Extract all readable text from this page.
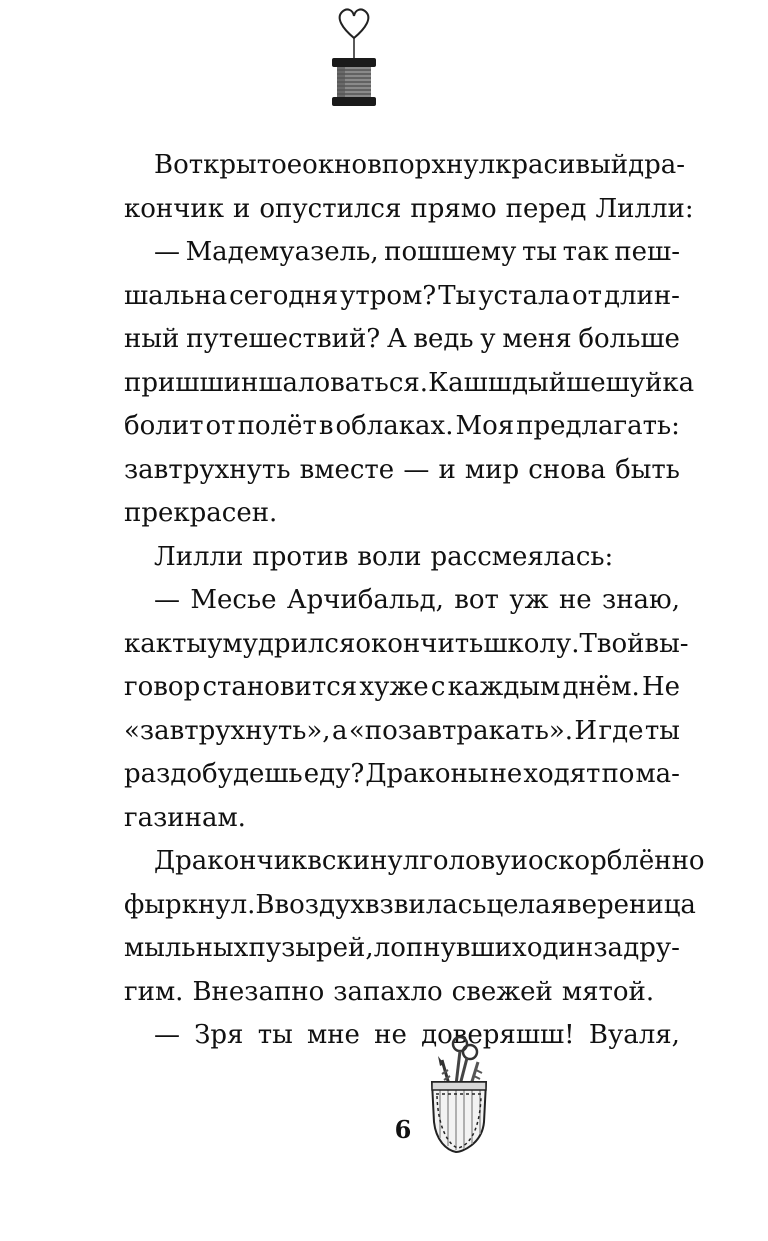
В открытое окно впорхнул красивый дра-
кончик и опустился прямо перед Лилли:
— Мадемуазель, пошшему ты так пеш-
шальна сегодня утром? Ты устала от длин-
ный путешествий? А ведь у меня больше
пришшин шаловаться. Кашшдый шешуйка
болит от полёт в облаках. Моя предлагать:
завтрухнуть вместе — и мир снова быть
прекрасен.
Лилли против воли рассмеялась:
— Месье Арчибальд, вот уж не знаю,
как ты умудрился окончить школу. Твой вы-
говор становится хуже с каждым днём. Не
«завтрухнуть», а «позавтракать». И где ты
раздобудешь еду? Драконы не ходят по ма-
газинам.
Дракончик вскинул голову и оскорблённо
фыркнул. В воздух взвилась целая вереница
мыльных пузырей, лопнувших один за дру-
гим. Внезапно запахло свежей мятой.
— Зря ты мне не доверяшш! Вуаля,
6
